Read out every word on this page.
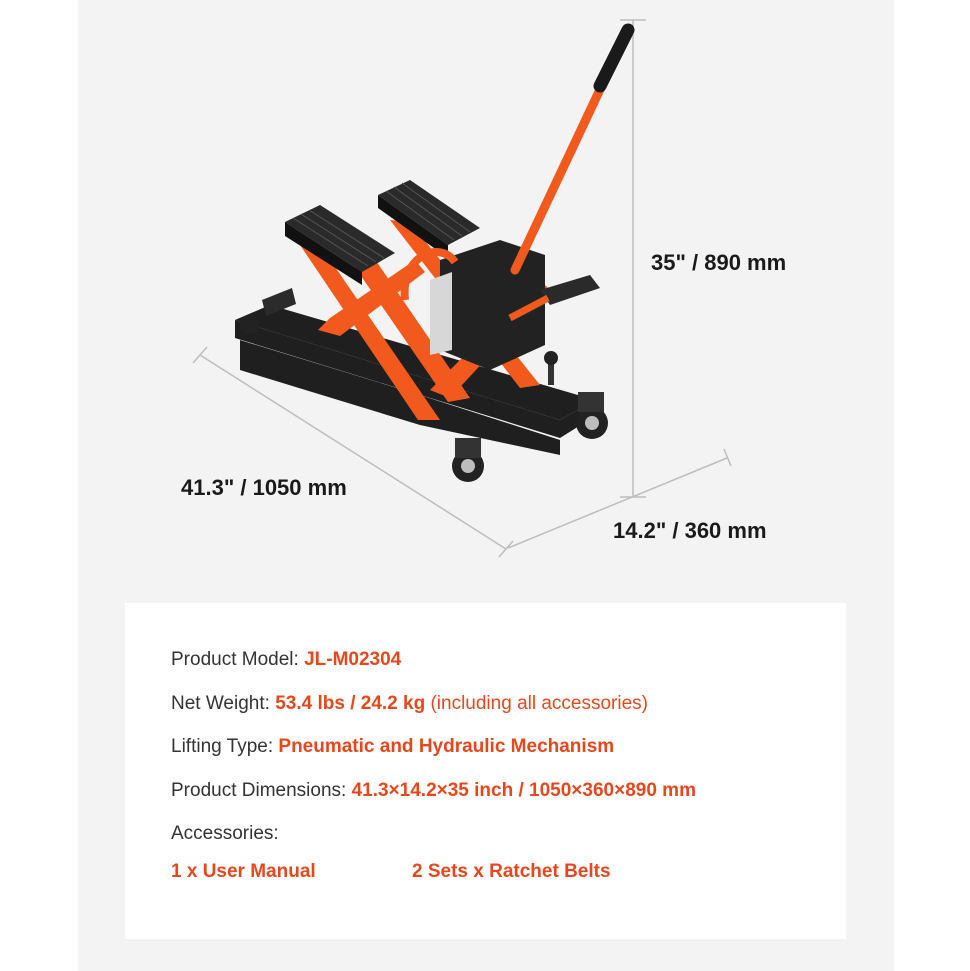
35" / 890 mm
41.3" / 1050 mm
14.2" / 360 mm
Product Model: JL-M02304
Net Weight: 53.4 lbs / 24.2 kg (including all accessories)
Lifting Type: Pneumatic and Hydraulic Mechanism
Product Dimensions: 41.3×14.2×35 inch / 1050×360×890 mm
Accessories:
1 x User Manual	2 Sets x Ratchet Belts
